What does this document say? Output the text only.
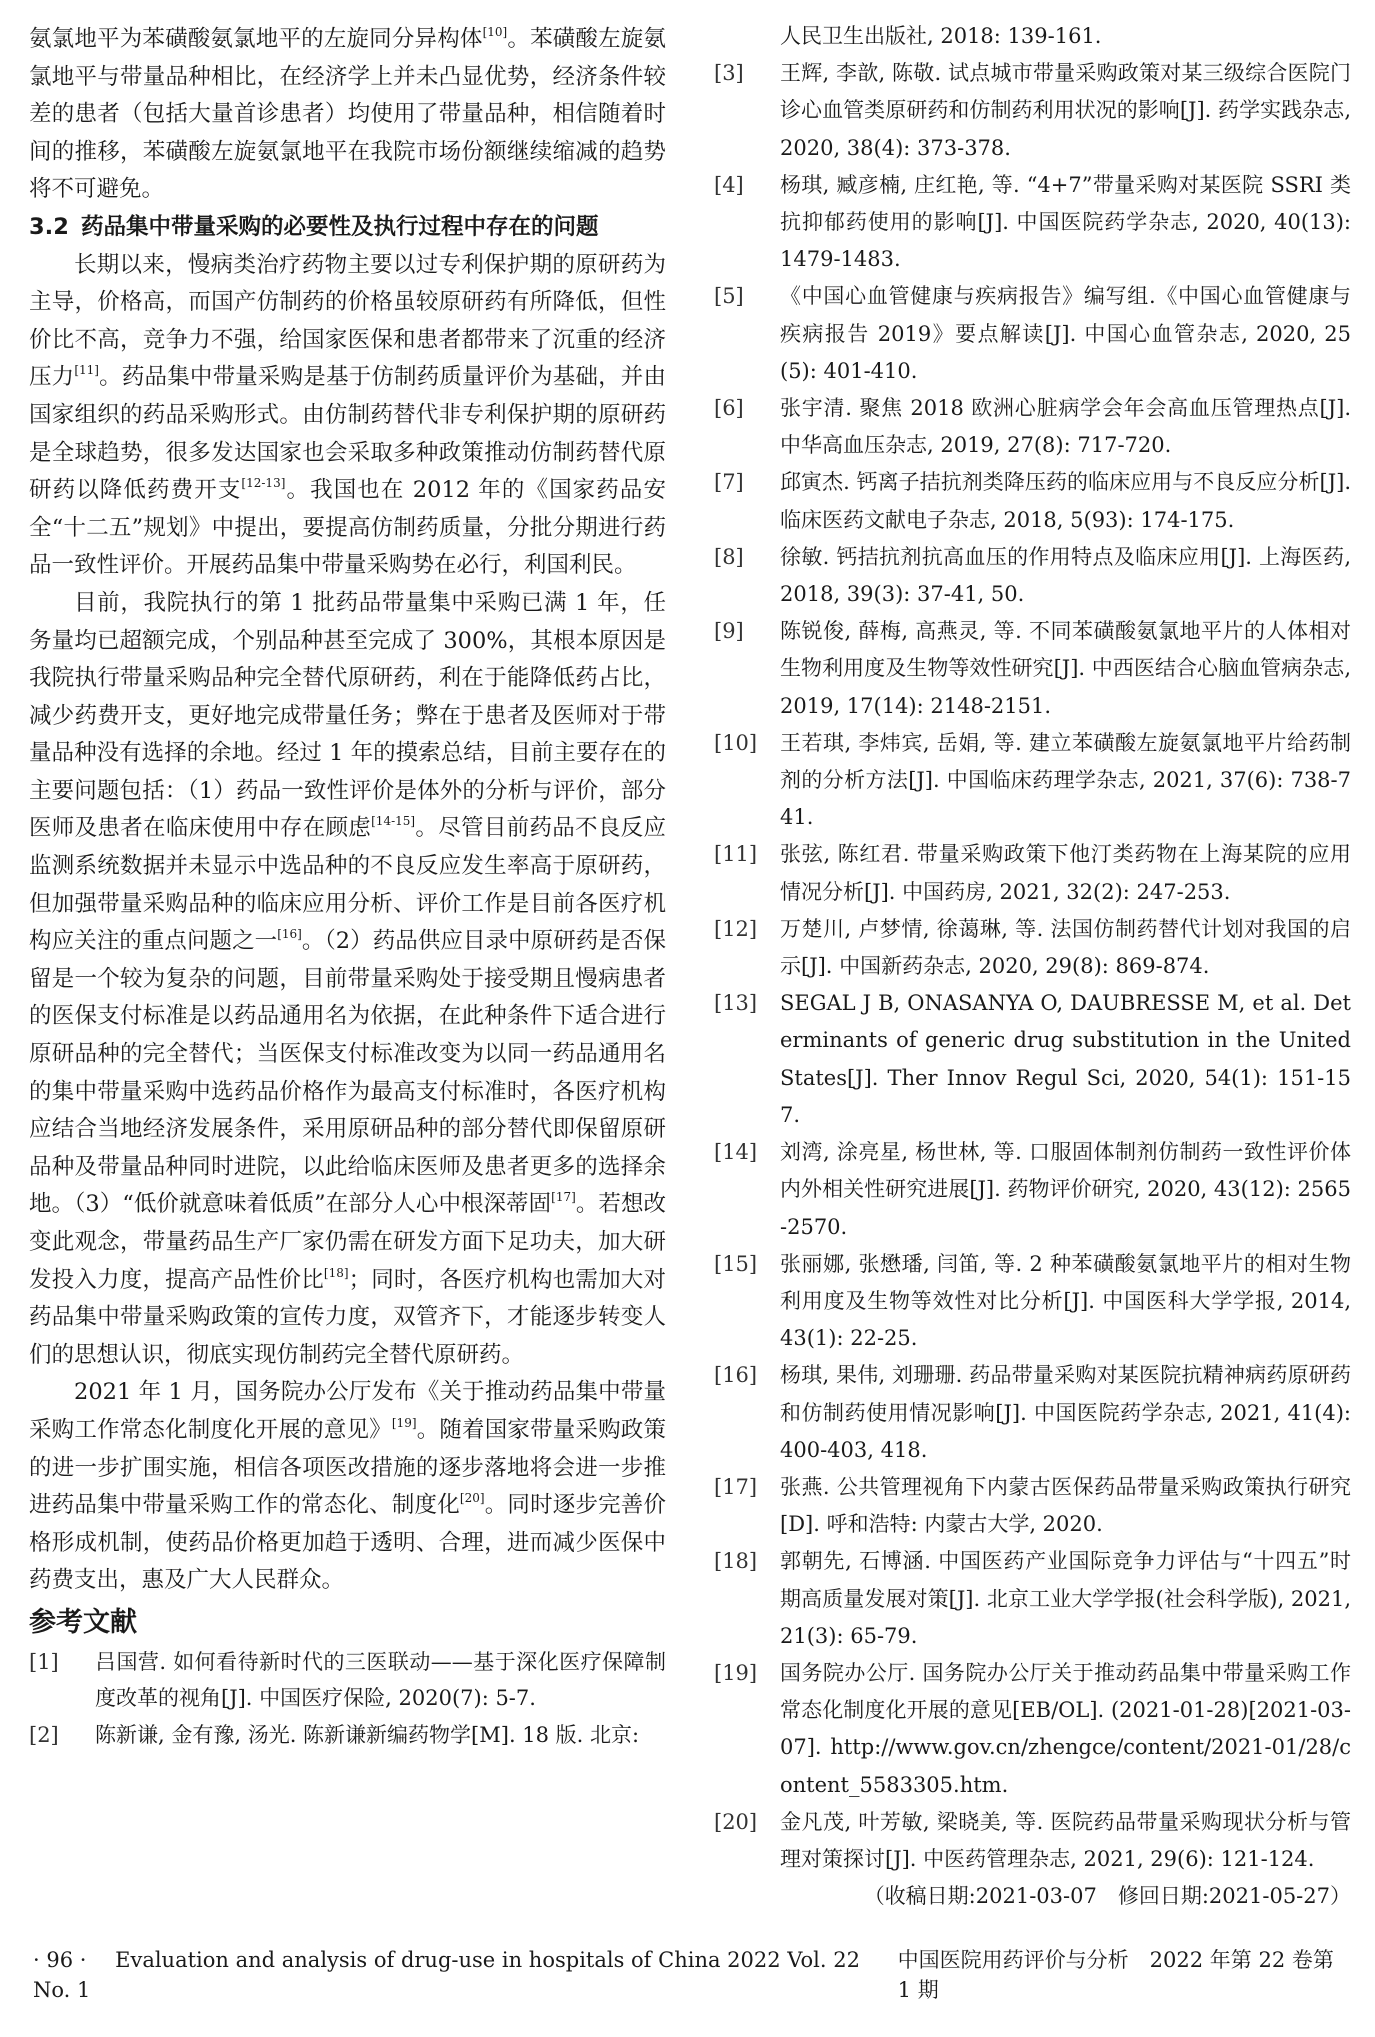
氨氯地平为苯磺酸氨氯地平的左旋同分异构体[10]。苯磺酸左旋氨氯地平与带量品种相比，在经济学上并未凸显优势，经济条件较差的患者（包括大量首诊患者）均使用了带量品种，相信随着时间的推移，苯磺酸左旋氨氯地平在我院市场份额继续缩减的趋势将不可避免。

3.2 药品集中带量采购的必要性及执行过程中存在的问题

长期以来，慢病类治疗药物主要以过专利保护期的原研药为主导，价格高，而国产仿制药的价格虽较原研药有所降低，但性价比不高，竞争力不强，给国家医保和患者都带来了沉重的经济压力[11]。药品集中带量采购是基于仿制药质量评价为基础，并由国家组织的药品采购形式。由仿制药替代非专利保护期的原研药是全球趋势，很多发达国家也会采取多种政策推动仿制药替代原研药以降低药费开支[12-13]。我国也在 2012 年的《国家药品安全“十二五”规划》中提出，要提高仿制药质量，分批分期进行药品一致性评价。开展药品集中带量采购势在必行，利国利民。

目前，我院执行的第 1 批药品带量集中采购已满 1 年，任务量均已超额完成，个别品种甚至完成了 300%，其根本原因是我院执行带量采购品种完全替代原研药，利在于能降低药占比，减少药费开支，更好地完成带量任务；弊在于患者及医师对于带量品种没有选择的余地。经过 1 年的摸索总结，目前主要存在的主要问题包括：（1）药品一致性评价是体外的分析与评价，部分医师及患者在临床使用中存在顾虑[14-15]。尽管目前药品不良反应监测系统数据并未显示中选品种的不良反应发生率高于原研药，但加强带量采购品种的临床应用分析、评价工作是目前各医疗机构应关注的重点问题之一[16]。（2）药品供应目录中原研药是否保留是一个较为复杂的问题，目前带量采购处于接受期且慢病患者的医保支付标准是以药品通用名为依据，在此种条件下适合进行原研品种的完全替代；当医保支付标准改变为以同一药品通用名的集中带量采购中选药品价格作为最高支付标准时，各医疗机构应结合当地经济发展条件，采用原研品种的部分替代即保留原研品种及带量品种同时进院，以此给临床医师及患者更多的选择余地。（3）“低价就意味着低质”在部分人心中根深蒂固[17]。若想改变此观念，带量药品生产厂家仍需在研发方面下足功夫，加大研发投入力度，提高产品性价比[18]；同时，各医疗机构也需加大对药品集中带量采购政策的宣传力度，双管齐下，才能逐步转变人们的思想认识，彻底实现仿制药完全替代原研药。

2021 年 1 月，国务院办公厅发布《关于推动药品集中带量采购工作常态化制度化开展的意见》[19]。随着国家带量采购政策的进一步扩围实施，相信各项医改措施的逐步落地将会进一步推进药品集中带量采购工作的常态化、制度化[20]。同时逐步完善价格形成机制，使药品价格更加趋于透明、合理，进而减少医保中药费支出，惠及广大人民群众。

参考文献
[1]	吕国营. 如何看待新时代的三医联动——基于深化医疗保障制度改革的视角[J]. 中国医疗保险, 2020(7): 5-7.
[2]	陈新谦, 金有豫, 汤光. 陈新谦新编药物学[M]. 18 版. 北京:
人民卫生出版社, 2018: 139-161.
[3]	王辉, 李歆, 陈敬. 试点城市带量采购政策对某三级综合医院门诊心血管类原研药和仿制药利用状况的影响[J]. 药学实践杂志, 2020, 38(4): 373-378.
[4]	杨琪, 臧彦楠, 庄红艳, 等. “4+7”带量采购对某医院 SSRI 类抗抑郁药使用的影响[J]. 中国医院药学杂志, 2020, 40(13): 1479-1483.
[5]	《中国心血管健康与疾病报告》编写组.《中国心血管健康与疾病报告 2019》要点解读[J]. 中国心血管杂志, 2020, 25(5): 401-410.
[6]	张宇清. 聚焦 2018 欧洲心脏病学会年会高血压管理热点[J]. 中华高血压杂志, 2019, 27(8): 717-720.
[7]	邱寅杰. 钙离子拮抗剂类降压药的临床应用与不良反应分析[J]. 临床医药文献电子杂志, 2018, 5(93): 174-175.
[8]	徐敏. 钙拮抗剂抗高血压的作用特点及临床应用[J]. 上海医药, 2018, 39(3): 37-41, 50.
[9]	陈锐俊, 薛梅, 高燕灵, 等. 不同苯磺酸氨氯地平片的人体相对生物利用度及生物等效性研究[J]. 中西医结合心脑血管病杂志, 2019, 17(14): 2148-2151.
[10]	王若琪, 李炜宾, 岳娟, 等. 建立苯磺酸左旋氨氯地平片给药制剂的分析方法[J]. 中国临床药理学杂志, 2021, 37(6): 738-741.
[11]	张弦, 陈红君. 带量采购政策下他汀类药物在上海某院的应用情况分析[J]. 中国药房, 2021, 32(2): 247-253.
[12]	万楚川, 卢梦情, 徐蔼琳, 等. 法国仿制药替代计划对我国的启示[J]. 中国新药杂志, 2020, 29(8): 869-874.
[13]	SEGAL J B, ONASANYA O, DAUBRESSE M, et al. Determinants of generic drug substitution in the United States[J]. Ther Innov Regul Sci, 2020, 54(1): 151-157.
[14]	刘湾, 涂亮星, 杨世林, 等. 口服固体制剂仿制药一致性评价体内外相关性研究进展[J]. 药物评价研究, 2020, 43(12): 2565-2570.
[15]	张丽娜, 张懋璠, 闫笛, 等. 2 种苯磺酸氨氯地平片的相对生物利用度及生物等效性对比分析[J]. 中国医科大学学报, 2014, 43(1): 22-25.
[16]	杨琪, 果伟, 刘珊珊. 药品带量采购对某医院抗精神病药原研药和仿制药使用情况影响[J]. 中国医院药学杂志, 2021, 41(4): 400-403, 418.
[17]	张燕. 公共管理视角下内蒙古医保药品带量采购政策执行研究[D]. 呼和浩特: 内蒙古大学, 2020.
[18]	郭朝先, 石博涵. 中国医药产业国际竞争力评估与“十四五”时期高质量发展对策[J]. 北京工业大学学报(社会科学版), 2021, 21(3): 65-79.
[19]	国务院办公厅. 国务院办公厅关于推动药品集中带量采购工作常态化制度化开展的意见[EB/OL]. (2021-01-28)[2021-03-07]. http://www.gov.cn/zhengce/content/2021-01/28/content_5583305.htm.
[20]	金凡茂, 叶芳敏, 梁晓美, 等. 医院药品带量采购现状分析与管理对策探讨[J]. 中医药管理杂志, 2021, 29(6): 121-124.
（收稿日期:2021-03-07　修回日期:2021-05-27）
· 96 · Evaluation and analysis of drug-use in hospitals of China 2022 Vol. 22 No. 1
中国医院用药评价与分析　2022 年第 22 卷第 1 期
